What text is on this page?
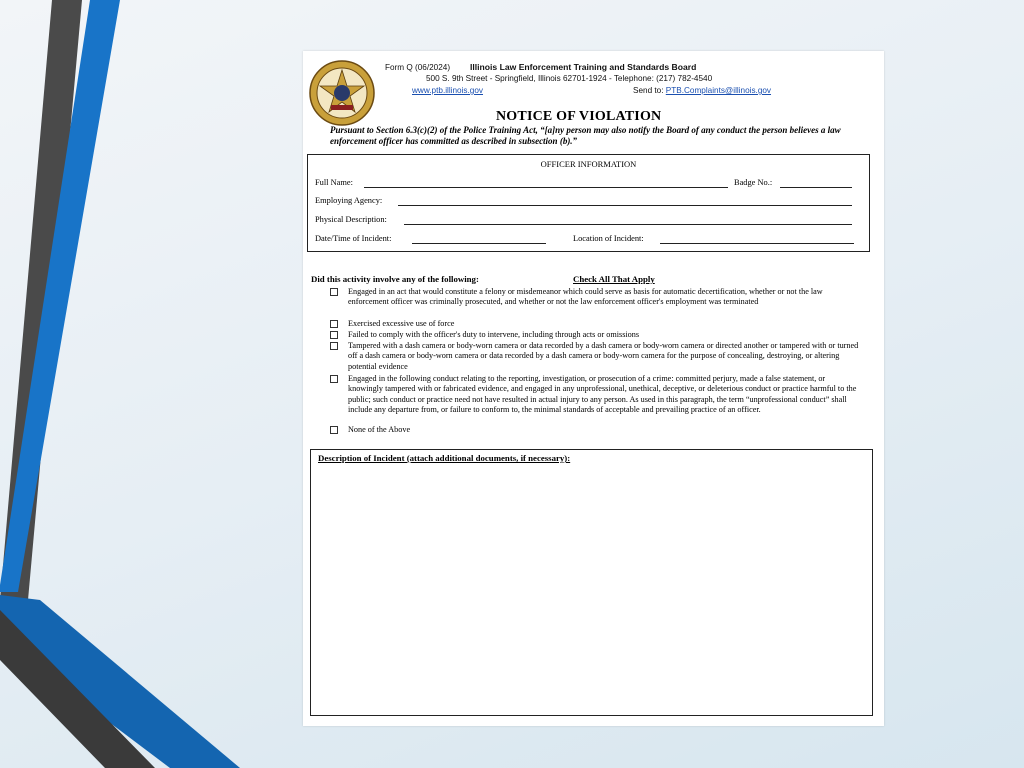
Form Q (06/2024) Illinois Law Enforcement Training and Standards Board
500 S. 9th Street - Springfield, Illinois 62701-1924 - Telephone: (217) 782-4540
www.ptb.illinois.gov	Send to: PTB.Complaints@illinois.gov
NOTICE OF VIOLATION
Pursuant to Section 6.3(c)(2) of the Police Training Act, “[a]ny person may also notify the Board of any conduct the person believes a law enforcement officer has committed as described in subsection (b).”
OFFICER INFORMATION
Full Name:	Badge No.:
Employing Agency:
Physical Description:
Date/Time of Incident:	Location of Incident:
Did this activity involve any of the following:	Check All That Apply
Engaged in an act that would constitute a felony or misdemeanor which could serve as basis for automatic decertification, whether or not the law enforcement officer was criminally prosecuted, and whether or not the law enforcement officer's employment was terminated
Exercised excessive use of force
Failed to comply with the officer's duty to intervene, including through acts or omissions
Tampered with a dash camera or body-worn camera or data recorded by a dash camera or body-worn camera or directed another or tampered with or turned off a dash camera or body-worn camera or data recorded by a dash camera or body-worn camera for the purpose of concealing, destroying, or altering potential evidence
Engaged in the following conduct relating to the reporting, investigation, or prosecution of a crime: committed perjury, made a false statement, or knowingly tampered with or fabricated evidence, and engaged in any unprofessional, unethical, deceptive, or deleterious conduct or practice harmful to the public; such conduct or practice need not have resulted in actual injury to any person. As used in this paragraph, the term “unprofessional conduct” shall include any departure from, or failure to conform to, the minimal standards of acceptable and prevailing practice of an officer.
None of the Above
Description of Incident (attach additional documents, if necessary):
